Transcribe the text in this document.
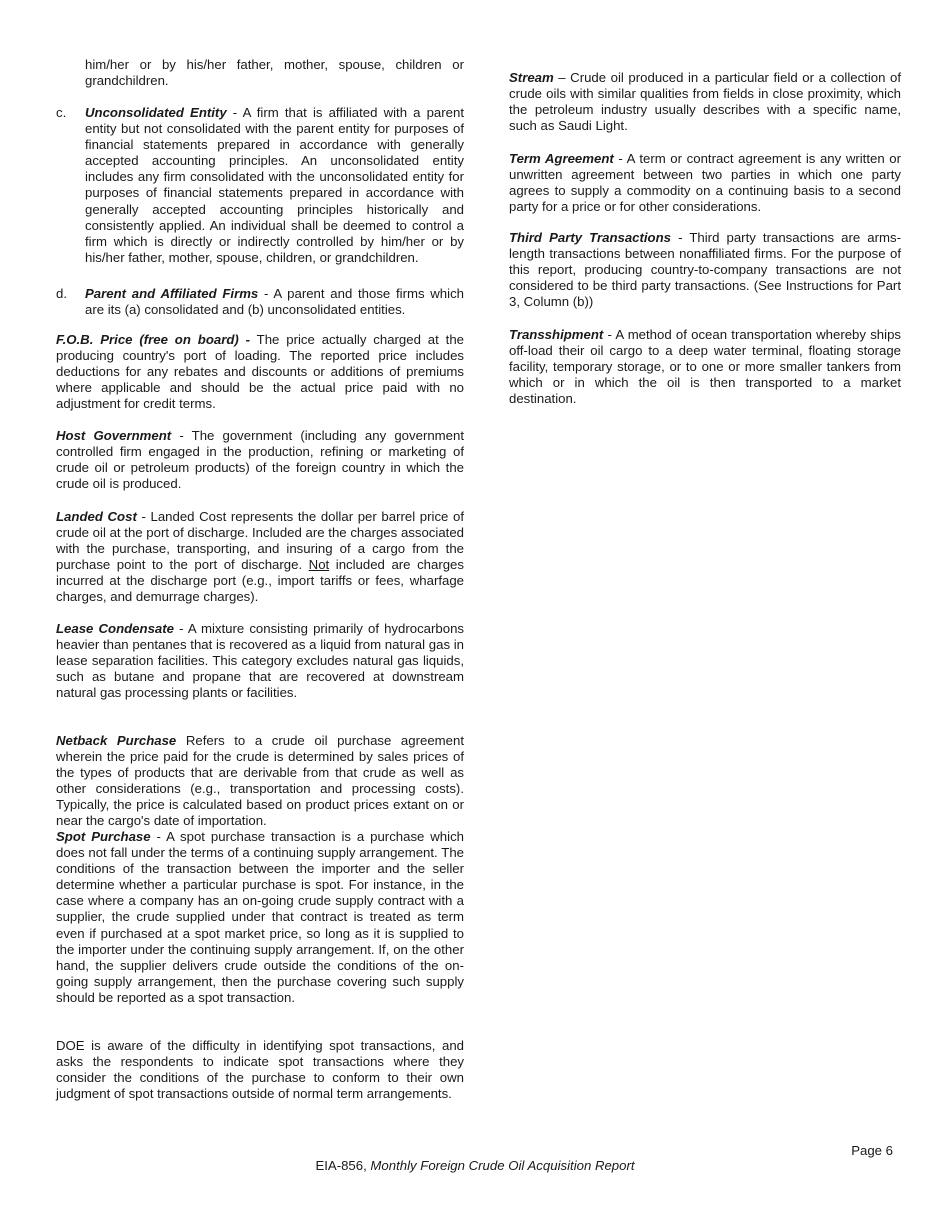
him/her or by his/her father, mother, spouse, children or grandchildren.

c. Unconsolidated Entity - A firm that is affiliated with a parent entity but not consolidated with the parent entity for purposes of financial statements prepared in accordance with generally accepted accounting principles. An unconsolidated entity includes any firm consolidated with the unconsolidated entity for purposes of financial statements prepared in accordance with generally accepted accounting principles historically and consistently applied. An individual shall be deemed to control a firm which is directly or indirectly controlled by him/her or by his/her father, mother, spouse, children, or grandchildren.

d. Parent and Affiliated Firms - A parent and those firms which are its (a) consolidated and (b) unconsolidated entities.

F.O.B. Price (free on board) - The price actually charged at the producing country's port of loading. The reported price includes deductions for any rebates and discounts or additions of premiums where applicable and should be the actual price paid with no adjustment for credit terms.

Host Government - The government (including any government controlled firm engaged in the production, refining or marketing of crude oil or petroleum products) of the foreign country in which the crude oil is produced.

Landed Cost - Landed Cost represents the dollar per barrel price of crude oil at the port of discharge. Included are the charges associated with the purchase, transporting, and insuring of a cargo from the purchase point to the port of discharge. Not included are charges incurred at the discharge port (e.g., import tariffs or fees, wharfage charges, and demurrage charges).

Lease Condensate - A mixture consisting primarily of hydrocarbons heavier than pentanes that is recovered as a liquid from natural gas in lease separation facilities. This category excludes natural gas liquids, such as butane and propane that are recovered at downstream natural gas processing plants or facilities.

Netback Purchase Refers to a crude oil purchase agreement wherein the price paid for the crude is determined by sales prices of the types of products that are derivable from that crude as well as other considerations (e.g., transportation and processing costs). Typically, the price is calculated based on product prices extant on or near the cargo's date of importation.

Spot Purchase - A spot purchase transaction is a purchase which does not fall under the terms of a continuing supply arrangement. The conditions of the transaction between the importer and the seller determine whether a particular purchase is spot. For instance, in the case where a company has an on-going crude supply contract with a supplier, the crude supplied under that contract is treated as term even if purchased at a spot market price, so long as it is supplied to the importer under the continuing supply arrangement. If, on the other hand, the supplier delivers crude outside the conditions of the on-going supply arrangement, then the purchase covering such supply should be reported as a spot transaction.

DOE is aware of the difficulty in identifying spot transactions, and asks the respondents to indicate spot transactions where they consider the conditions of the purchase to conform to their own judgment of spot transactions outside of normal term arrangements.

Stream – Crude oil produced in a particular field or a collection of crude oils with similar qualities from fields in close proximity, which the petroleum industry usually describes with a specific name, such as Saudi Light.

Term Agreement - A term or contract agreement is any written or unwritten agreement between two parties in which one party agrees to supply a commodity on a continuing basis to a second party for a price or for other considerations.

Third Party Transactions - Third party transactions are arms-length transactions between nonaffiliated firms. For the purpose of this report, producing country-to-company transactions are not considered to be third party transactions. (See Instructions for Part 3, Column (b))

Transshipment - A method of ocean transportation whereby ships off-load their oil cargo to a deep water terminal, floating storage facility, temporary storage, or to one or more smaller tankers from which or in which the oil is then transported to a market destination.

Page 6
EIA-856, Monthly Foreign Crude Oil Acquisition Report
